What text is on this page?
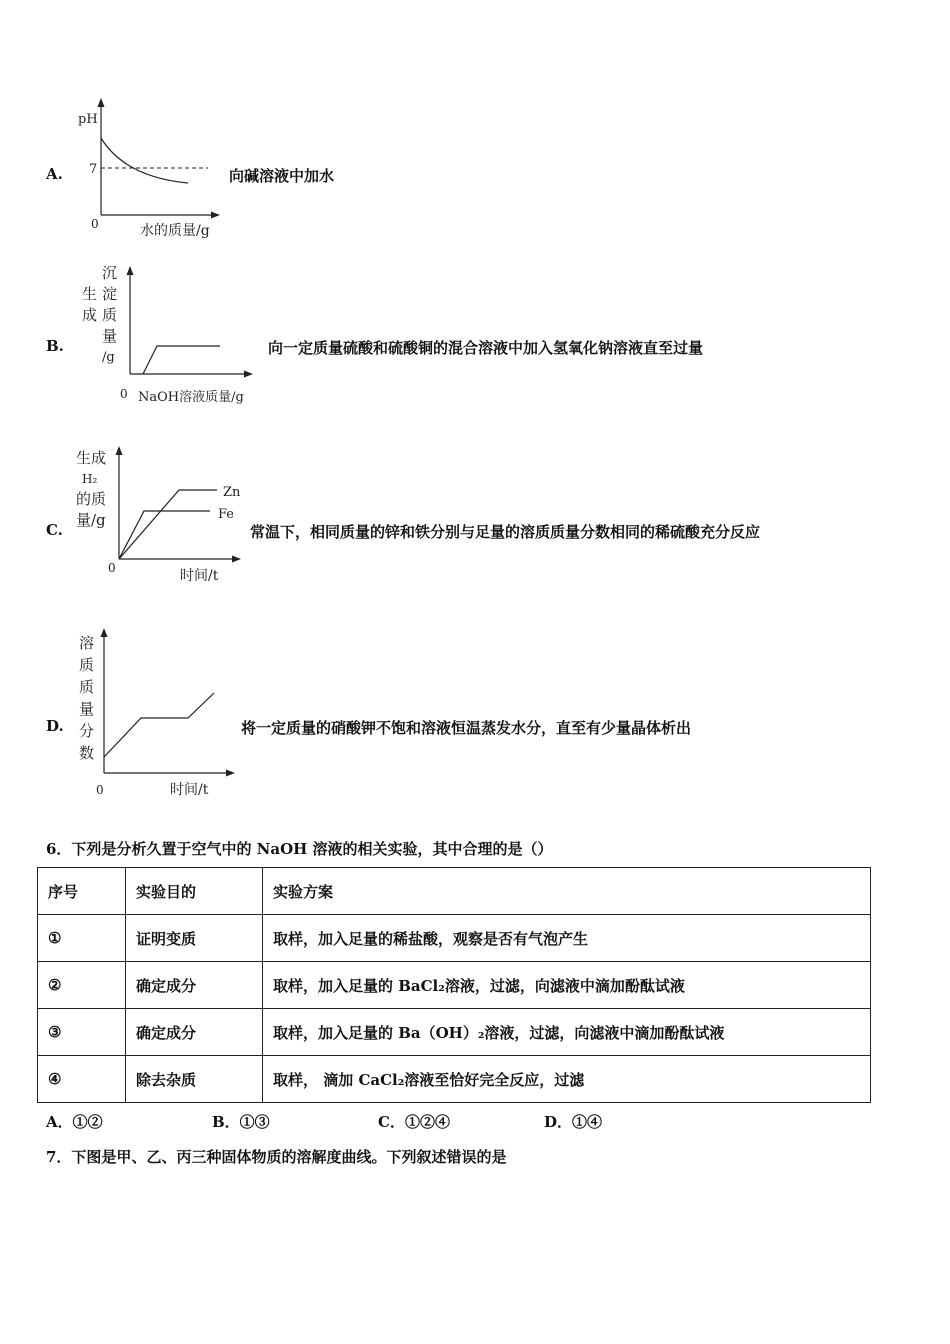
A.
pH
7
0	水的质量/g
向碱溶液中加水
B.
沉
淀
质
量
/g
生
成
0 NaOH溶液质量/g
向一定质量硫酸和硫酸铜的混合溶液中加入氢氧化钠溶液直至过量
C.
生成
H₂
的质
量/g
Zn
Fe
0	时间/t
常温下，相同质量的锌和铁分别与足量的溶质质量分数相同的稀硫酸充分反应
D.
溶
质
质
量
分
数
0	时间/t
将一定质量的硝酸钾不饱和溶液恒温蒸发水分，直至有少量晶体析出
6．下列是分析久置于空气中的 NaOH 溶液的相关实验，其中合理的是（）
序号	实验目的	实验方案
①	证明变质	取样，加入足量的稀盐酸，观察是否有气泡产生
②	确定成分	取样，加入足量的 BaCl₂溶液，过滤，向滤液中滴加酚酞试液
③	确定成分	取样，加入足量的 Ba（OH）₂溶液，过滤，向滤液中滴加酚酞试液
④	除去杂质	取样， 滴加 CaCl₂溶液至恰好完全反应，过滤
A．①②	B．①③	C．①②④	D．①④
7．下图是甲、乙、丙三种固体物质的溶解度曲线。下列叙述错误的是
